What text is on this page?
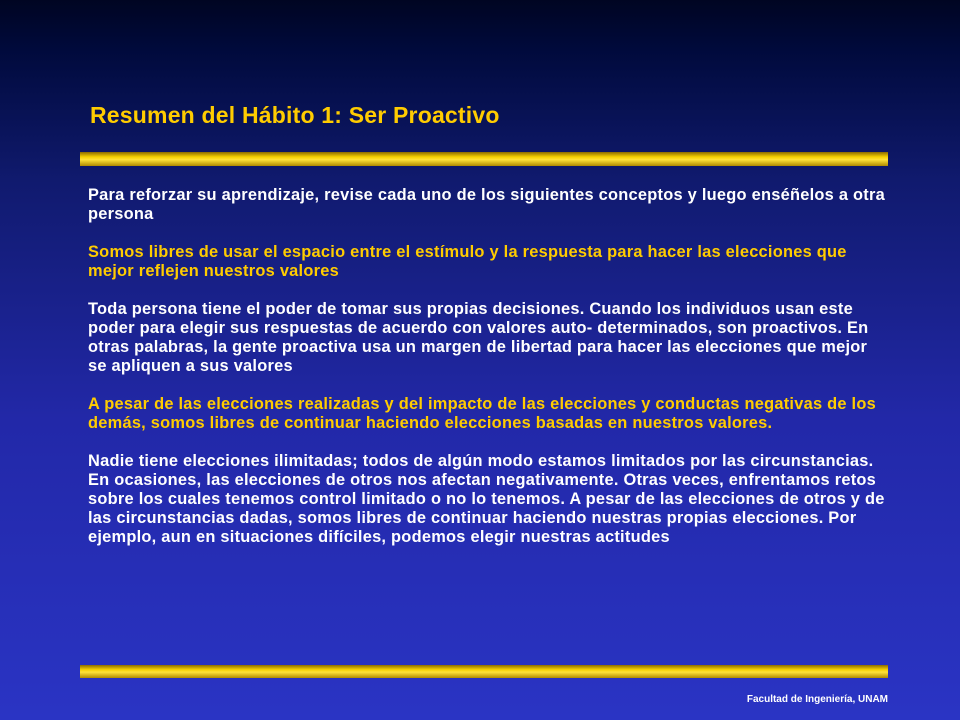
Resumen del Hábito 1: Ser Proactivo

Para reforzar su aprendizaje, revise cada uno de los siguientes conceptos y luego enséñelos a otra persona

Somos libres de usar el espacio entre el estímulo y la respuesta para hacer las elecciones que mejor reflejen nuestros valores

Toda persona tiene el poder de tomar sus propias decisiones. Cuando los individuos usan este poder para elegir sus respuestas de acuerdo con valores auto- determinados, son proactivos. En otras palabras, la gente proactiva usa un margen de libertad para hacer las elecciones que mejor se apliquen a sus valores

A pesar de las elecciones realizadas y del impacto de las elecciones y conductas negativas de los demás, somos libres de continuar haciendo elecciones basadas en nuestros valores.

Nadie tiene elecciones ilimitadas; todos de algún modo estamos limitados por las circunstancias. En ocasiones, las elecciones de otros nos afectan negativamente. Otras veces, enfrentamos retos sobre los cuales tenemos control limitado o no lo tenemos. A pesar de las elecciones de otros y de las circunstancias dadas, somos libres de continuar haciendo nuestras propias elecciones. Por ejemplo, aun en situaciones difíciles, podemos elegir nuestras actitudes

Facultad de Ingeniería, UNAM
